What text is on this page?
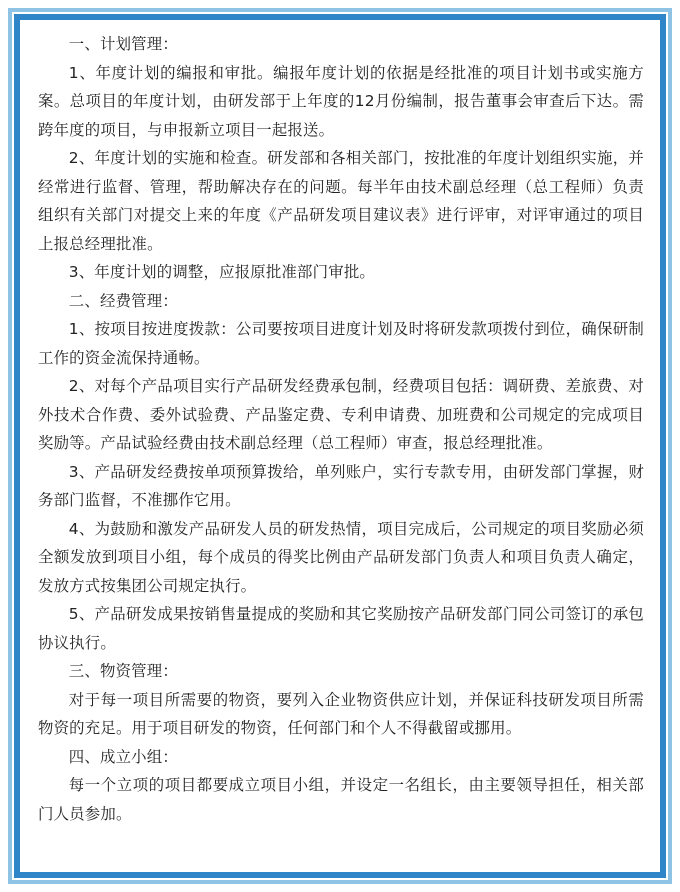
一、计划管理：

1、年度计划的编报和审批。编报年度计划的依据是经批准的项目计划书或实施方案。总项目的年度计划，由研发部于上年度的12月份编制，报告董事会审查后下达。需跨年度的项目，与申报新立项目一起报送。

2、年度计划的实施和检查。研发部和各相关部门，按批准的年度计划组织实施，并经常进行监督、管理，帮助解决存在的问题。每半年由技术副总经理（总工程师）负责组织有关部门对提交上来的年度《产品研发项目建议表》进行评审，对评审通过的项目上报总经理批准。

3、年度计划的调整，应报原批准部门审批。

二、经费管理：

1、按项目按进度拨款：公司要按项目进度计划及时将研发款项拨付到位，确保研制工作的资金流保持通畅。

2、对每个产品项目实行产品研发经费承包制，经费项目包括：调研费、差旅费、对外技术合作费、委外试验费、产品鉴定费、专利申请费、加班费和公司规定的完成项目奖励等。产品试验经费由技术副总经理（总工程师）审查，报总经理批准。

3、产品研发经费按单项预算拨给，单列账户，实行专款专用，由研发部门掌握，财务部门监督，不准挪作它用。

4、为鼓励和激发产品研发人员的研发热情，项目完成后，公司规定的项目奖励必须全额发放到项目小组，每个成员的得奖比例由产品研发部门负责人和项目负责人确定，发放方式按集团公司规定执行。

5、产品研发成果按销售量提成的奖励和其它奖励按产品研发部门同公司签订的承包协议执行。

三、物资管理：

对于每一项目所需要的物资，要列入企业物资供应计划，并保证科技研发项目所需物资的充足。用于项目研发的物资，任何部门和个人不得截留或挪用。

四、成立小组：

每一个立项的项目都要成立项目小组，并设定一名组长，由主要领导担任，相关部门人员参加。
